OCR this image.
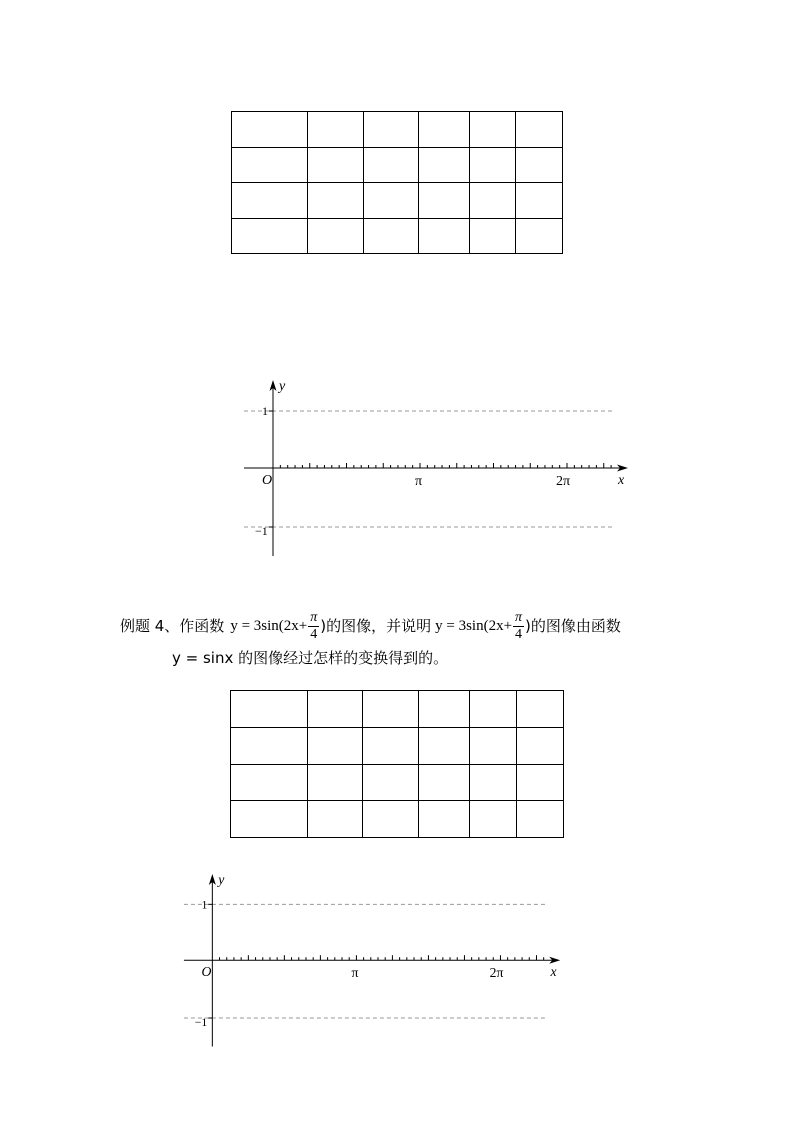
y
x
O
1
−1
π	2π
例题 4、作函数 $y = 3\sin(2x+ \frac{\pi}{4}$ )的图像，并说明 $y = 3\sin(2x+ \frac{\pi}{4}$ )的图像由函数
y = sinx 的图像经过怎样的变换得到的。

y
x
O
1
−1
π	2π
